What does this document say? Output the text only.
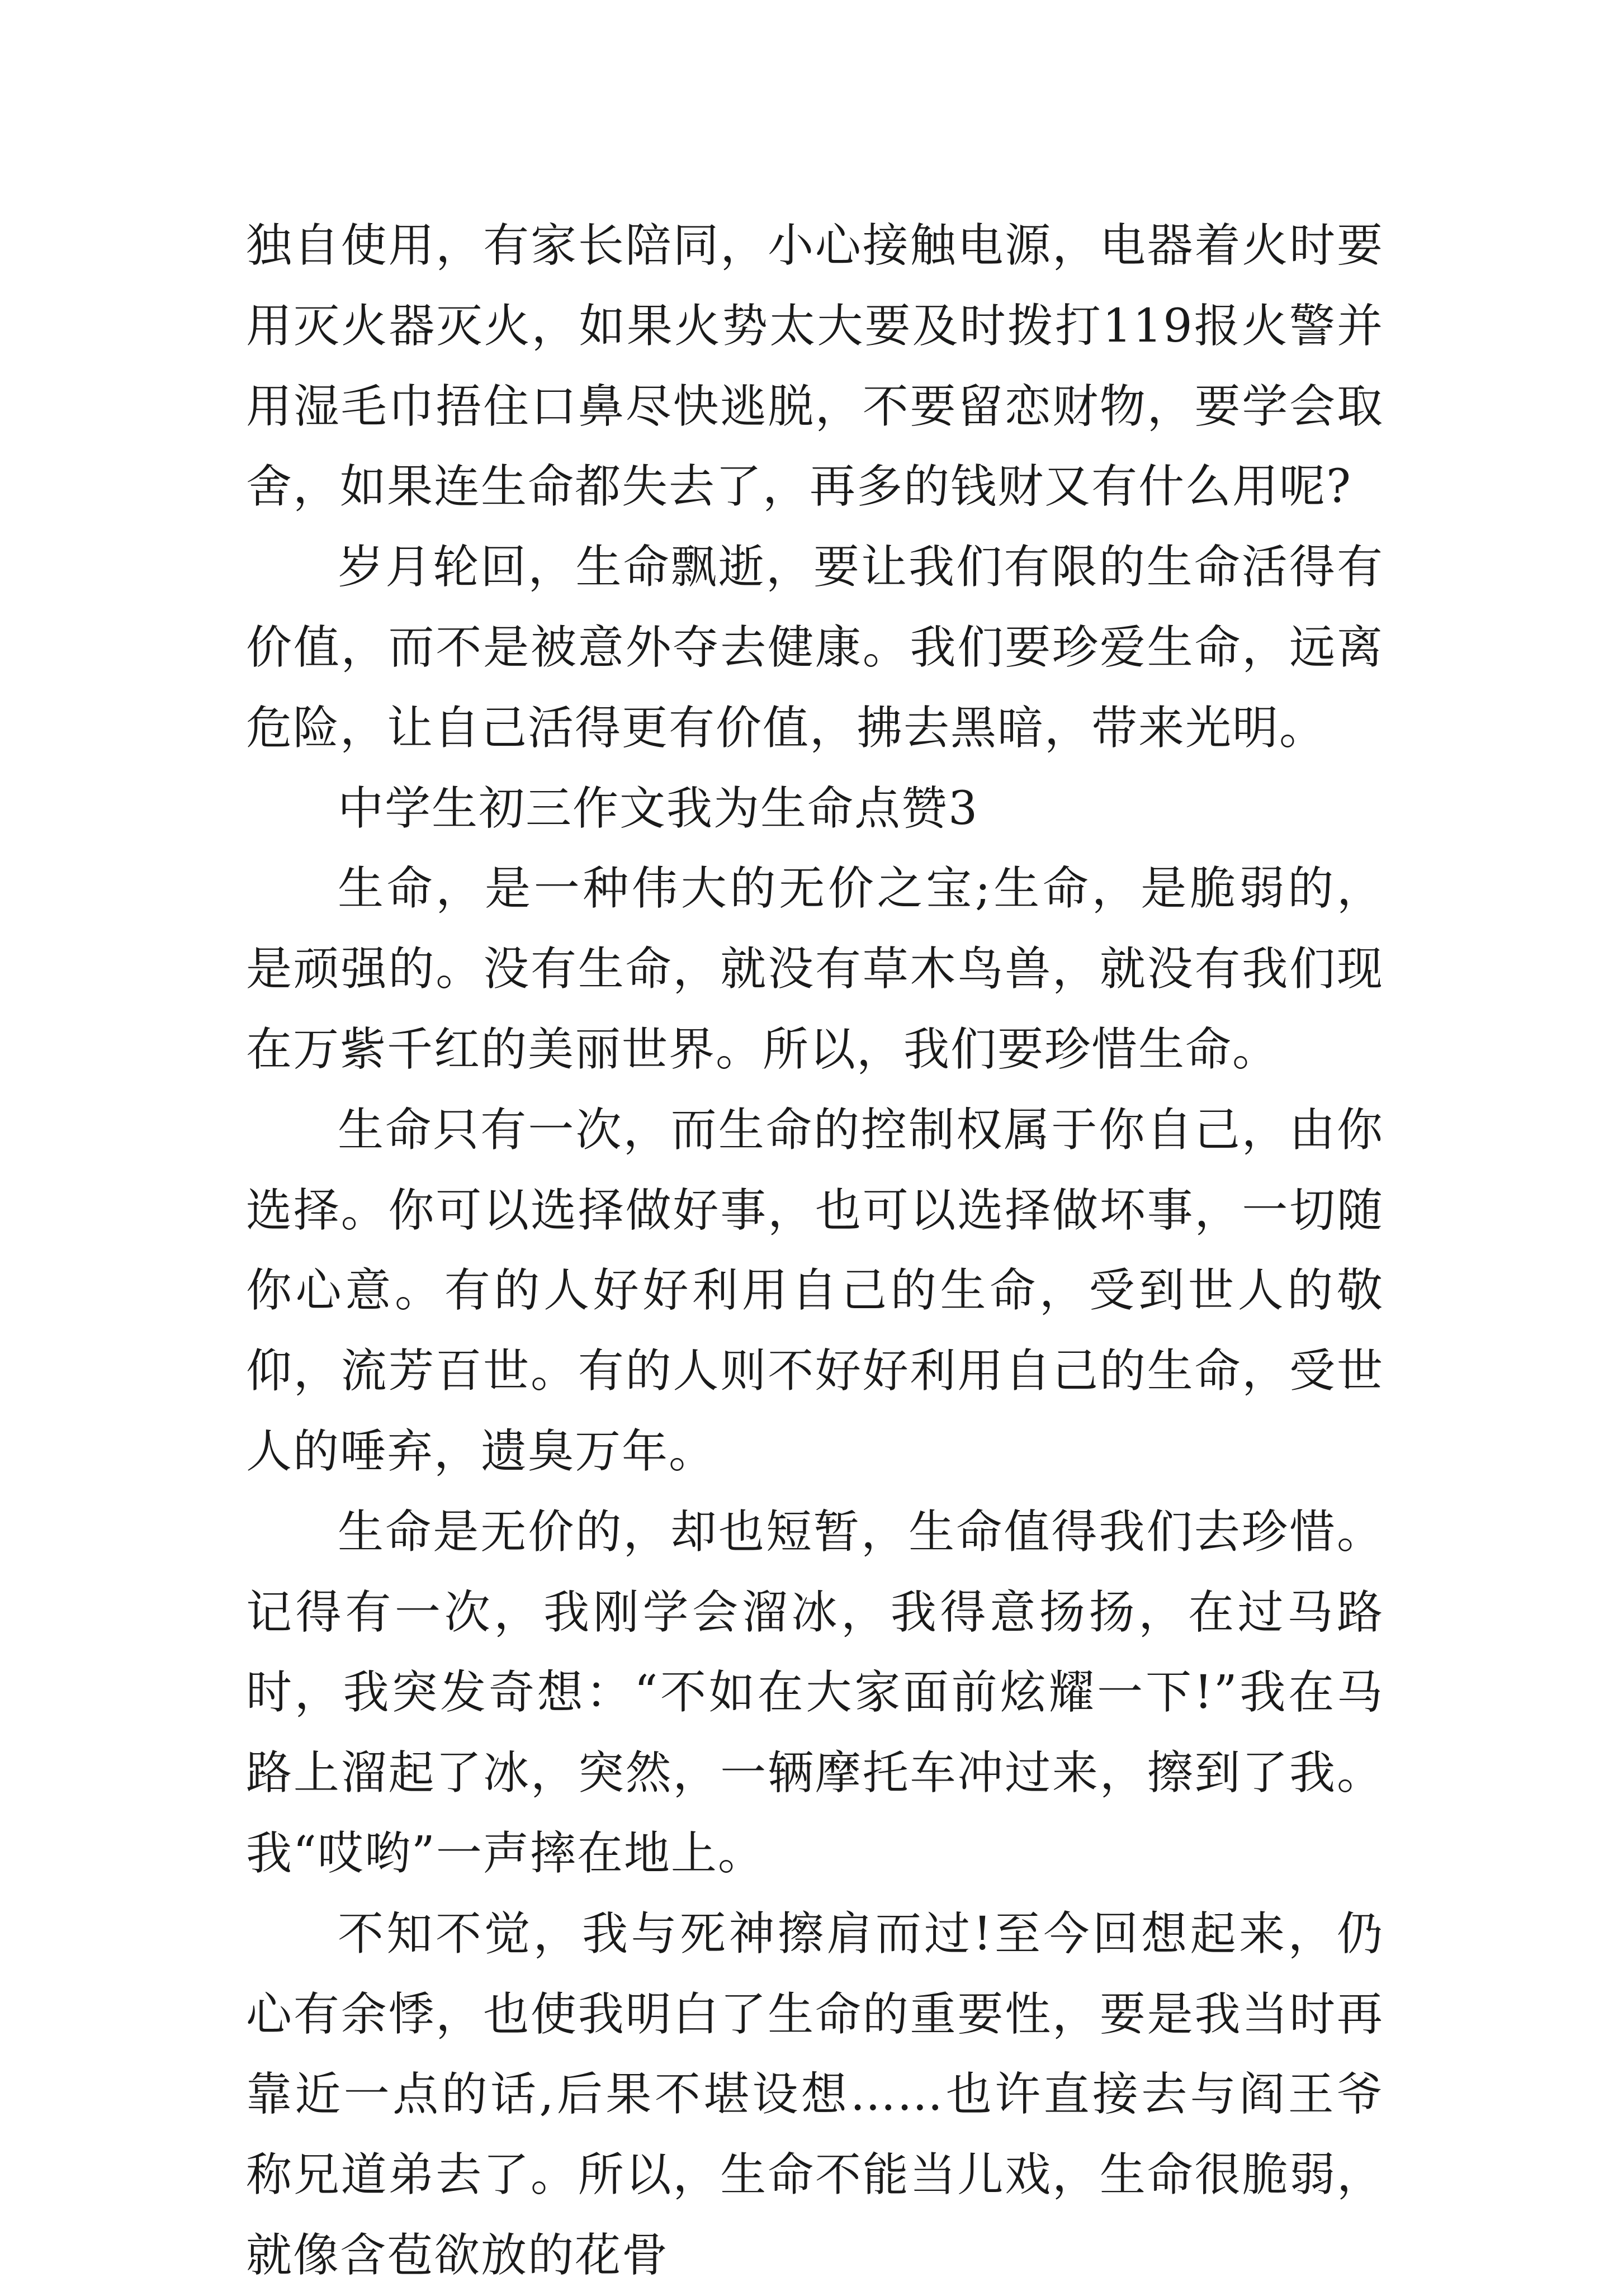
独自使用，有家长陪同，小心接触电源，电器着火时要用灭火器灭火，如果火势太大要及时拨打119报火警并用湿毛巾捂住口鼻尽快逃脱，不要留恋财物，要学会取舍，如果连生命都失去了，再多的钱财又有什么用呢?

岁月轮回，生命飘逝，要让我们有限的生命活得有价值，而不是被意外夺去健康。我们要珍爱生命，远离危险，让自己活得更有价值，拂去黑暗，带来光明。

中学生初三作文我为生命点赞3

生命，是一种伟大的无价之宝;生命，是脆弱的，是顽强的。没有生命，就没有草木鸟兽，就没有我们现在万紫千红的美丽世界。所以，我们要珍惜生命。

生命只有一次，而生命的控制权属于你自己，由你选择。你可以选择做好事，也可以选择做坏事，一切随你心意。有的人好好利用自己的生命，受到世人的敬仰，流芳百世。有的人则不好好利用自己的生命，受世人的唾弃，遗臭万年。

生命是无价的，却也短暂，生命值得我们去珍惜。记得有一次，我刚学会溜冰，我得意扬扬，在过马路时，我突发奇想：“不如在大家面前炫耀一下!”我在马路上溜起了冰，突然，一辆摩托车冲过来，擦到了我。我“哎哟”一声摔在地上。

不知不觉，我与死神擦肩而过!至今回想起来，仍心有余悸，也使我明白了生命的重要性，要是我当时再靠近一点的话,后果不堪设想……也许直接去与阎王爷称兄道弟去了。所以，生命不能当儿戏，生命很脆弱，就像含苞欲放的花骨
